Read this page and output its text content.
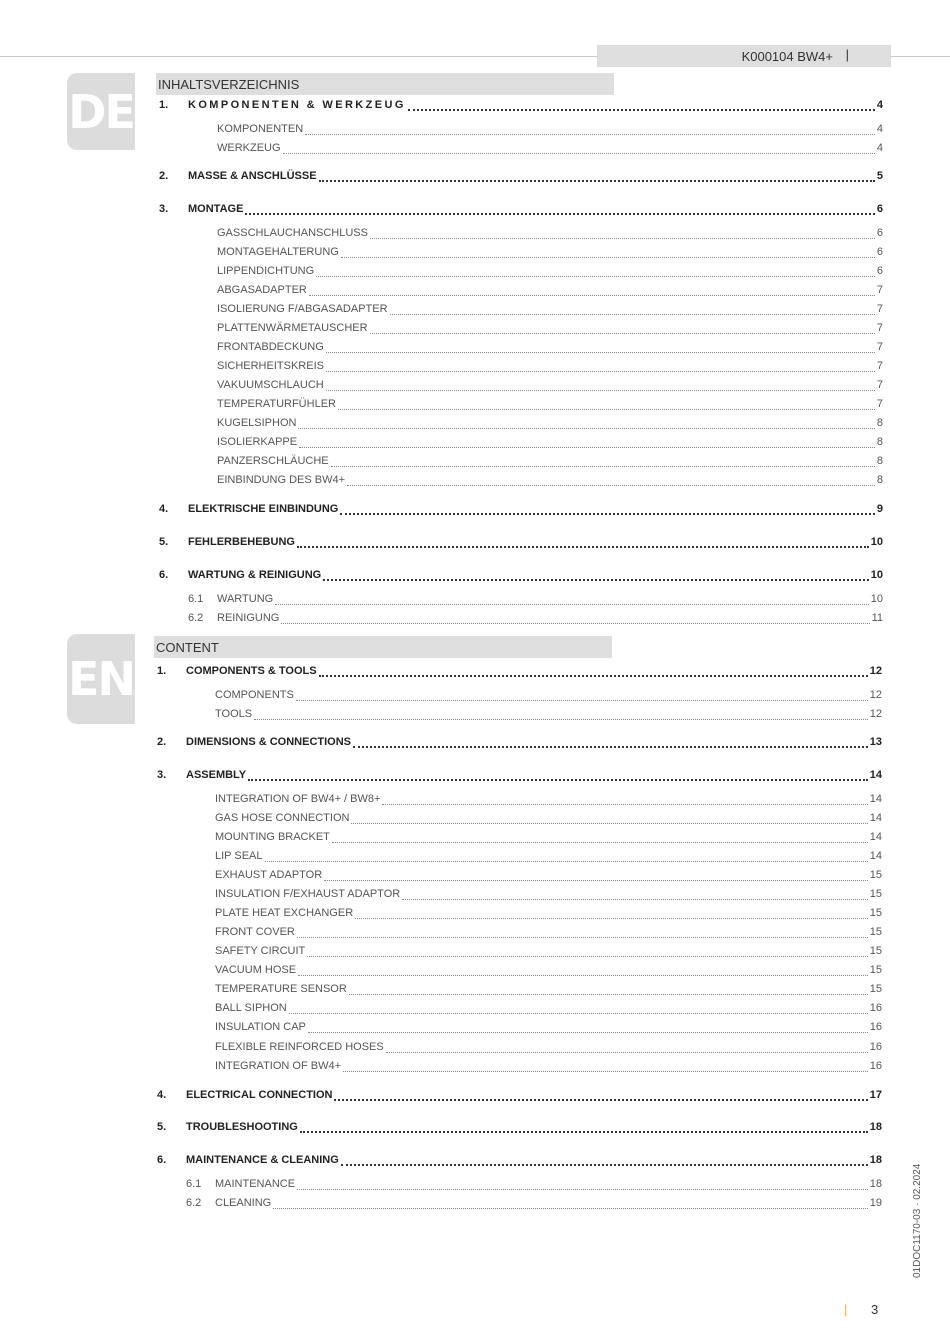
K000104 BW4+ |
DE
INHALTSVERZEICHNIS
1. KOMPONENTEN & WERKZEUG	4
KOMPONENTEN	4
WERKZEUG	4
2. MASSE & ANSCHLÜSSE	5
3. MONTAGE	6
GASSCHLAUCHANSCHLUSS	6
MONTAGEHALTERUNG	6
LIPPENDICHTUNG	6
ABGASADAPTER	7
ISOLIERUNG F/ABGASADAPTER	7
PLATTENWÄRMETAUSCHER	7
FRONTABDECKUNG	7
SICHERHEITSKREIS	7
VAKUUMSCHLAUCH	7
TEMPERATURFÜHLER	7
KUGELSIPHON	8
ISOLIERKAPPE	8
PANZERSCHLÄUCHE	8
EINBINDUNG DES BW4+	8
4. ELEKTRISCHE EINBINDUNG	9
5. FEHLERBEHEBUNG	10
6. WARTUNG & REINIGUNG	10
6.1 WARTUNG	10
6.2 REINIGUNG	11
EN
CONTENT
1. COMPONENTS & TOOLS	12
COMPONENTS	12
TOOLS	12
2. DIMENSIONS & CONNECTIONS	13
3. ASSEMBLY	14
INTEGRATION OF BW4+ / BW8+	14
GAS HOSE CONNECTION	14
MOUNTING BRACKET	14
LIP SEAL	14
EXHAUST ADAPTOR	15
INSULATION F/EXHAUST ADAPTOR	15
PLATE HEAT EXCHANGER	15
FRONT COVER	15
SAFETY CIRCUIT	15
VACUUM HOSE	15
TEMPERATURE SENSOR	15
BALL SIPHON	16
INSULATION CAP	16
FLEXIBLE REINFORCED HOSES	16
INTEGRATION OF BW4+	16
4. ELECTRICAL CONNECTION	17
5. TROUBLESHOOTING	18
6. MAINTENANCE & CLEANING	18
6.1 MAINTENANCE	18
6.2 CLEANING	19	01DOC1170-03 · 02.2024
| 3
